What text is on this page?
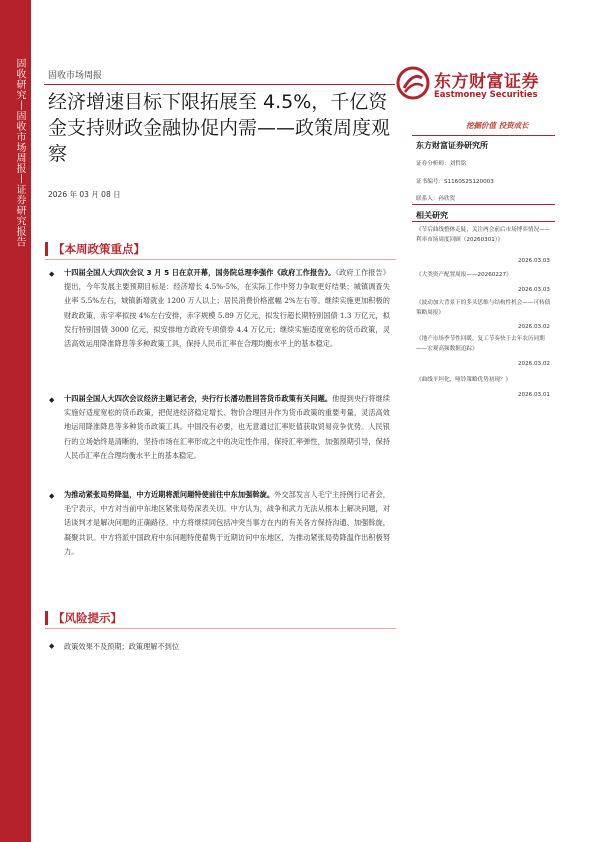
固收研究丨固收市场周报丨证券研究报告	固收市场周报
经济增速目标下限拓展至 4.5%，千亿资金支持财政金融协促内需——政策周度观察
2026 年 03 月 08 日
东方财富证券
Eastmoney Securities
挖掘价值 投资成长
东方财富证券研究所
证券分析师：刘哲铭
证书编号：S1160525120003
联系人：孙欣贺
相关研究
《节后曲线整体走陡，关注两会前后市场博弈情况——利率市场周度回顾（20260301）》
2026.03.03
《大类资产配置周报——20260227》
2026.03.03
《波动加大背景下的多头思维与结构性机会——可转债策略周报》
2026.03.02
《地产市场季节性回暖，复工节奏快于去年农历同期——宏观高频数据追踪》
2026.03.02
《曲线平坦化，哑铃策略优势初现？》
2026.03.01
【本周政策重点】
◆ 十四届全国人大四次会议 3 月 5 日在京开幕，国务院总理李强作《政府工作报告》。《政府工作报告》提出，今年发展主要预期目标是：经济增长 4.5%-5%，在实际工作中努力争取更好结果；城镇调查失业率 5.5%左右，城镇新增就业 1200 万人以上；居民消费价格涨幅 2%左右等。继续实施更加积极的财政政策，赤字率拟按 4%左右安排，赤字规模 5.89 万亿元，拟发行超长期特别国债 1.3 万亿元，拟发行特别国债 3000 亿元，拟安排地方政府专项债券 4.4 万亿元；继续实施适度宽松的货币政策，灵活高效运用降准降息等多种政策工具，保持人民币汇率在合理均衡水平上的基本稳定。
◆ 十四届全国人大四次会议经济主题记者会，央行行长潘功胜回答货币政策有关问题。他提到央行将继续实施好适度宽松的货币政策，把促进经济稳定增长、物价合理回升作为货币政策的重要考量，灵活高效地运用降准降息等多种货币政策工具。中国没有必要，也无意通过汇率贬值获取贸易竞争优势。人民银行的立场始终是清晰的，坚持市场在汇率形成之中的决定性作用，保持汇率弹性，加强预期引导，保持人民币汇率在合理均衡水平上的基本稳定。
◆ 为推动紧张局势降温，中方近期将派问题特使前往中东加强斡旋。外交部发言人毛宁主持例行记者会，毛宁表示，中方对当前中东地区紧张局势深表关切。中方认为，战争和武力无法从根本上解决问题，对话谈判才是解决问题的正确路径。中方将继续同包括冲突当事方在内的有关各方保持沟通、加强斡旋，凝聚共识。中方将派中国政府中东问题特使翟隽于近期访问中东地区，为推动紧张局势降温作出积极努力。
【风险提示】
◆ 政策效果不及预期；政策理解不到位
